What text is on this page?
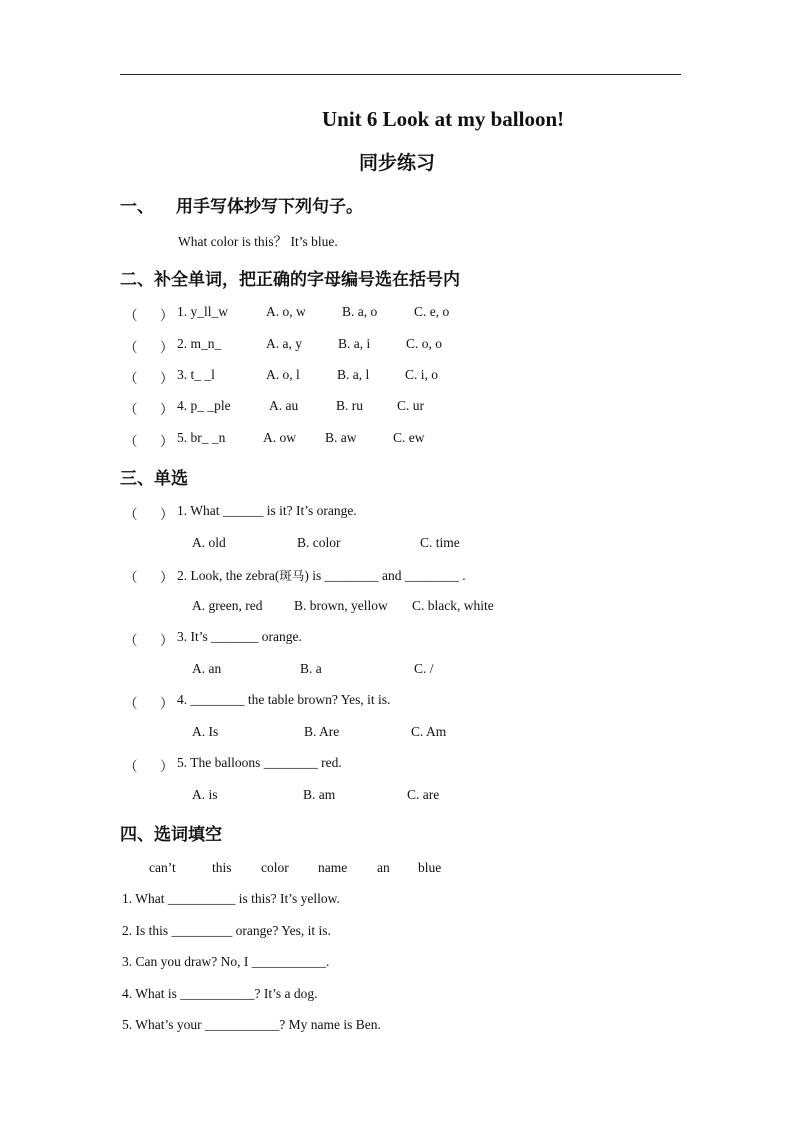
Unit 6 Look at my balloon!
同步练习
一、 用手写体抄写下列句子。
What color is this？ It’s blue.
二、补全单词，把正确的字母编号选在括号内
（ ） 1. y_ll_w	A. o, w	B. a, o	C. e, o
（ ） 2. m_n_	A. a, y	B. a, i	C. o, o
（ ） 3. t_ _l	A. o, l	B. a, l	C. i, o
（ ） 4. p_ _ple	A. au	B. ru	C. ur
（ ） 5. br_ _n	A. ow B. aw	C. ew
三、单选
（ ） 1. What ______ is it? It’s orange.
A. old	B. color	C. time
（ ） 2. Look, the zebra(斑马) is ________ and ________ .
A. green, red B. brown, yellow C. black, white
（ ） 3. It’s _______ orange.
A. an	B. a	C. /
（ ） 4. ________ the table brown? Yes, it is.
A. Is	B. Are	C. Am
（ ） 5. The balloons ________ red.
A. is	B. am	C. are
四、选词填空
can’t	this color name an blue
1. What __________ is this? It’s yellow.
2. Is this _________ orange? Yes, it is.
3. Can you draw? No, I ___________.
4. What is ___________? It’s a dog.
5. What’s your ___________? My name is Ben.
